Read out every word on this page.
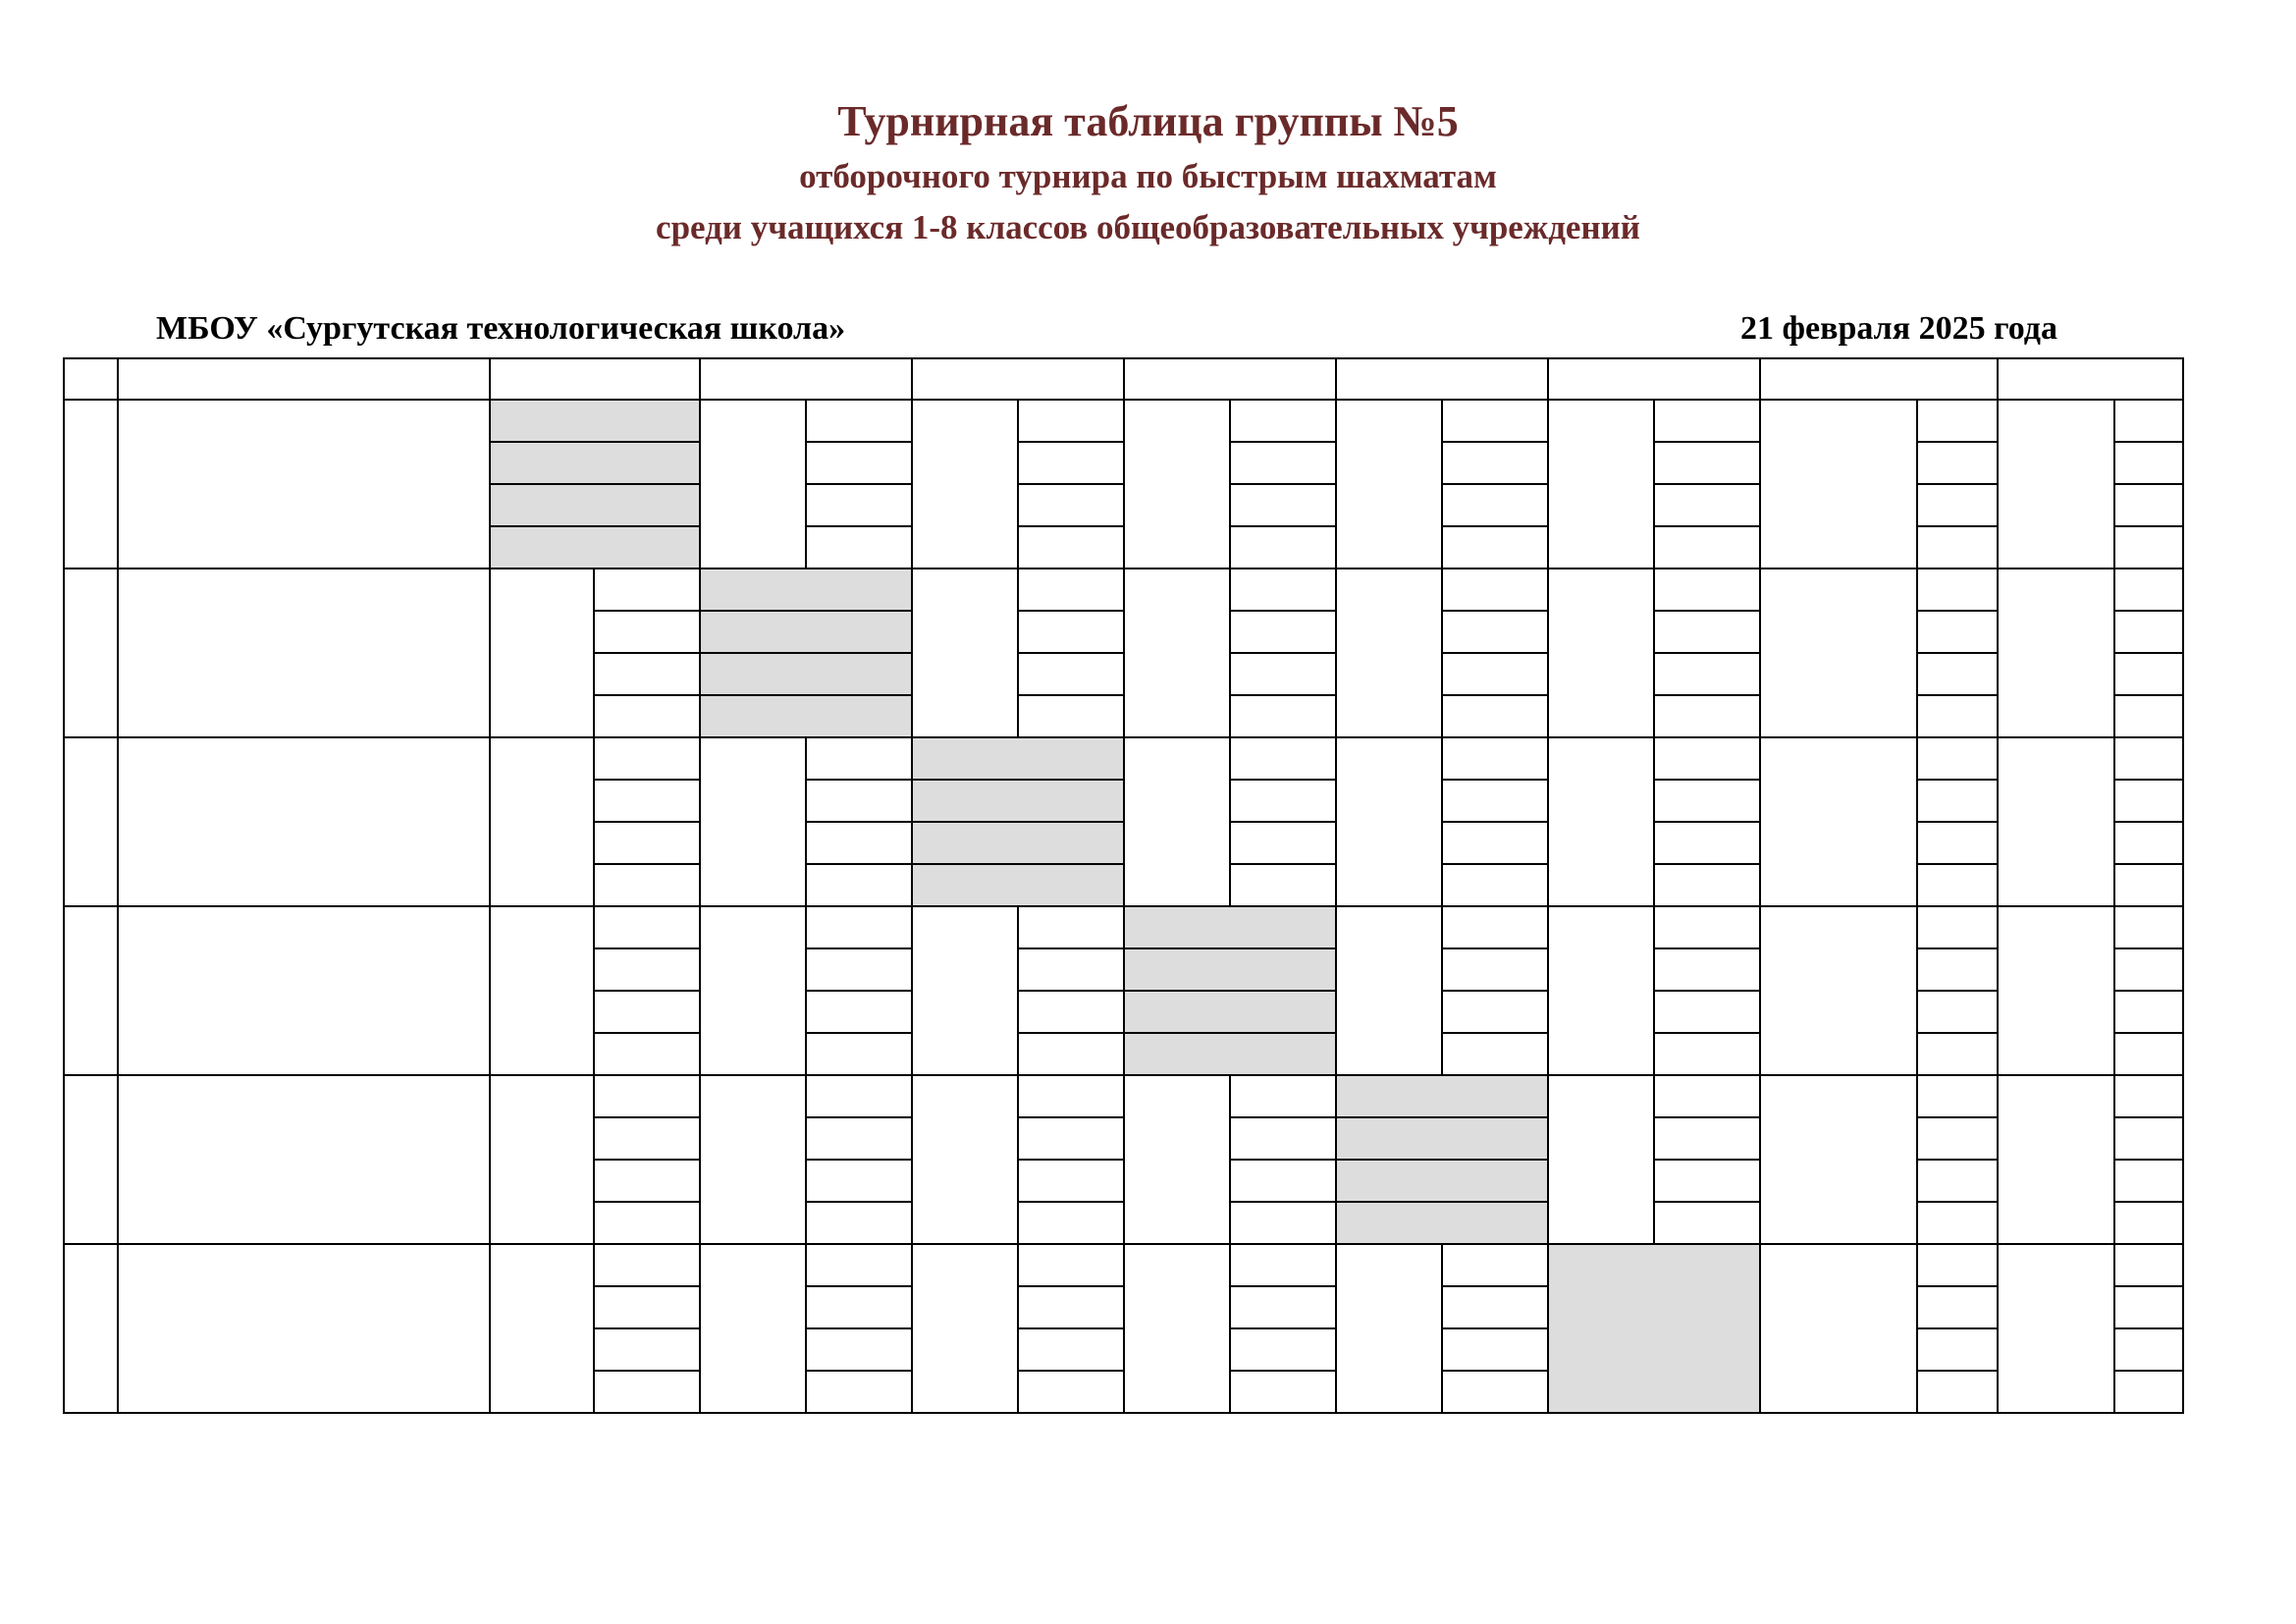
Турнирная таблица группы №5
отборочного турнира по быстрым шахматам
среди учащихся 1-8 классов общеобразовательных учреждений
МБОУ «Сургутская технологическая школа»	21 февраля 2025 года
